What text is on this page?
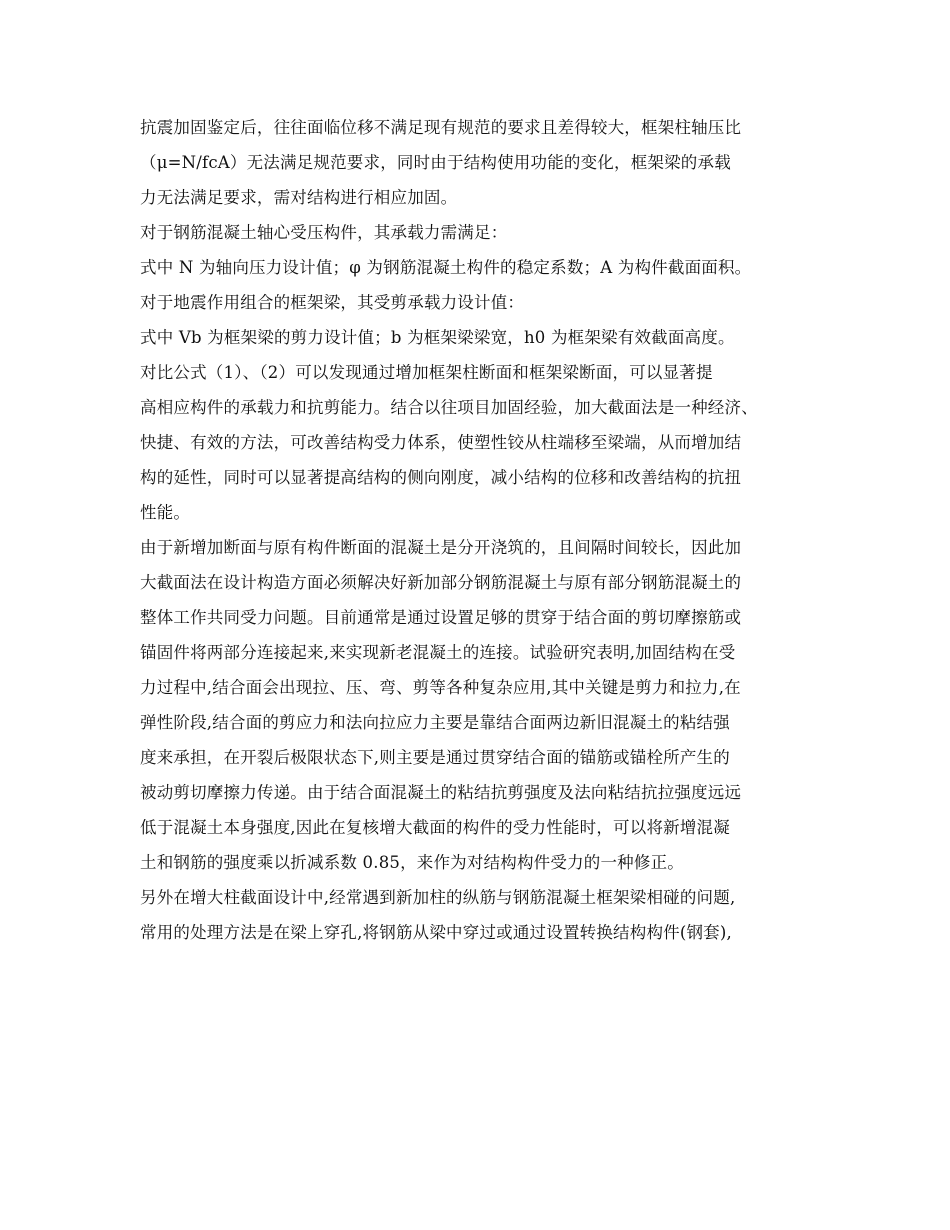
抗震加固鉴定后，往往面临位移不满足现有规范的要求且差得较大，框架柱轴压比
（μ=N/fcA）无法满足规范要求，同时由于结构使用功能的变化，框架梁的承载
力无法满足要求，需对结构进行相应加固。
对于钢筋混凝土轴心受压构件，其承载力需满足：
式中 N 为轴向压力设计值；φ 为钢筋混凝土构件的稳定系数；A 为构件截面面积。
对于地震作用组合的框架梁，其受剪承载力设计值：
式中 Vb 为框架梁的剪力设计值；b 为框架梁梁宽，h0 为框架梁有效截面高度。
对比公式（1）、（2）可以发现通过增加框架柱断面和框架梁断面，可以显著提
高相应构件的承载力和抗剪能力。结合以往项目加固经验，加大截面法是一种经济、
快捷、有效的方法，可改善结构受力体系，使塑性铰从柱端移至梁端，从而增加结
构的延性，同时可以显著提高结构的侧向刚度，减小结构的位移和改善结构的抗扭
性能。
由于新增加断面与原有构件断面的混凝土是分开浇筑的，且间隔时间较长，因此加
大截面法在设计构造方面必须解决好新加部分钢筋混凝土与原有部分钢筋混凝土的
整体工作共同受力问题。目前通常是通过设置足够的贯穿于结合面的剪切摩擦筋或
锚固件将两部分连接起来,来实现新老混凝土的连接。试验研究表明,加固结构在受
力过程中,结合面会出现拉、压、弯、剪等各种复杂应用,其中关键是剪力和拉力,在
弹性阶段,结合面的剪应力和法向拉应力主要是靠结合面两边新旧混凝土的粘结强
度来承担，在开裂后极限状态下,则主要是通过贯穿结合面的锚筋或锚栓所产生的
被动剪切摩擦力传递。由于结合面混凝土的粘结抗剪强度及法向粘结抗拉强度远远
低于混凝土本身强度,因此在复核增大截面的构件的受力性能时，可以将新增混凝
土和钢筋的强度乘以折减系数 0.85，来作为对结构构件受力的一种修正。
另外在增大柱截面设计中,经常遇到新加柱的纵筋与钢筋混凝土框架梁相碰的问题,
常用的处理方法是在梁上穿孔,将钢筋从梁中穿过或通过设置转换结构构件(钢套),
